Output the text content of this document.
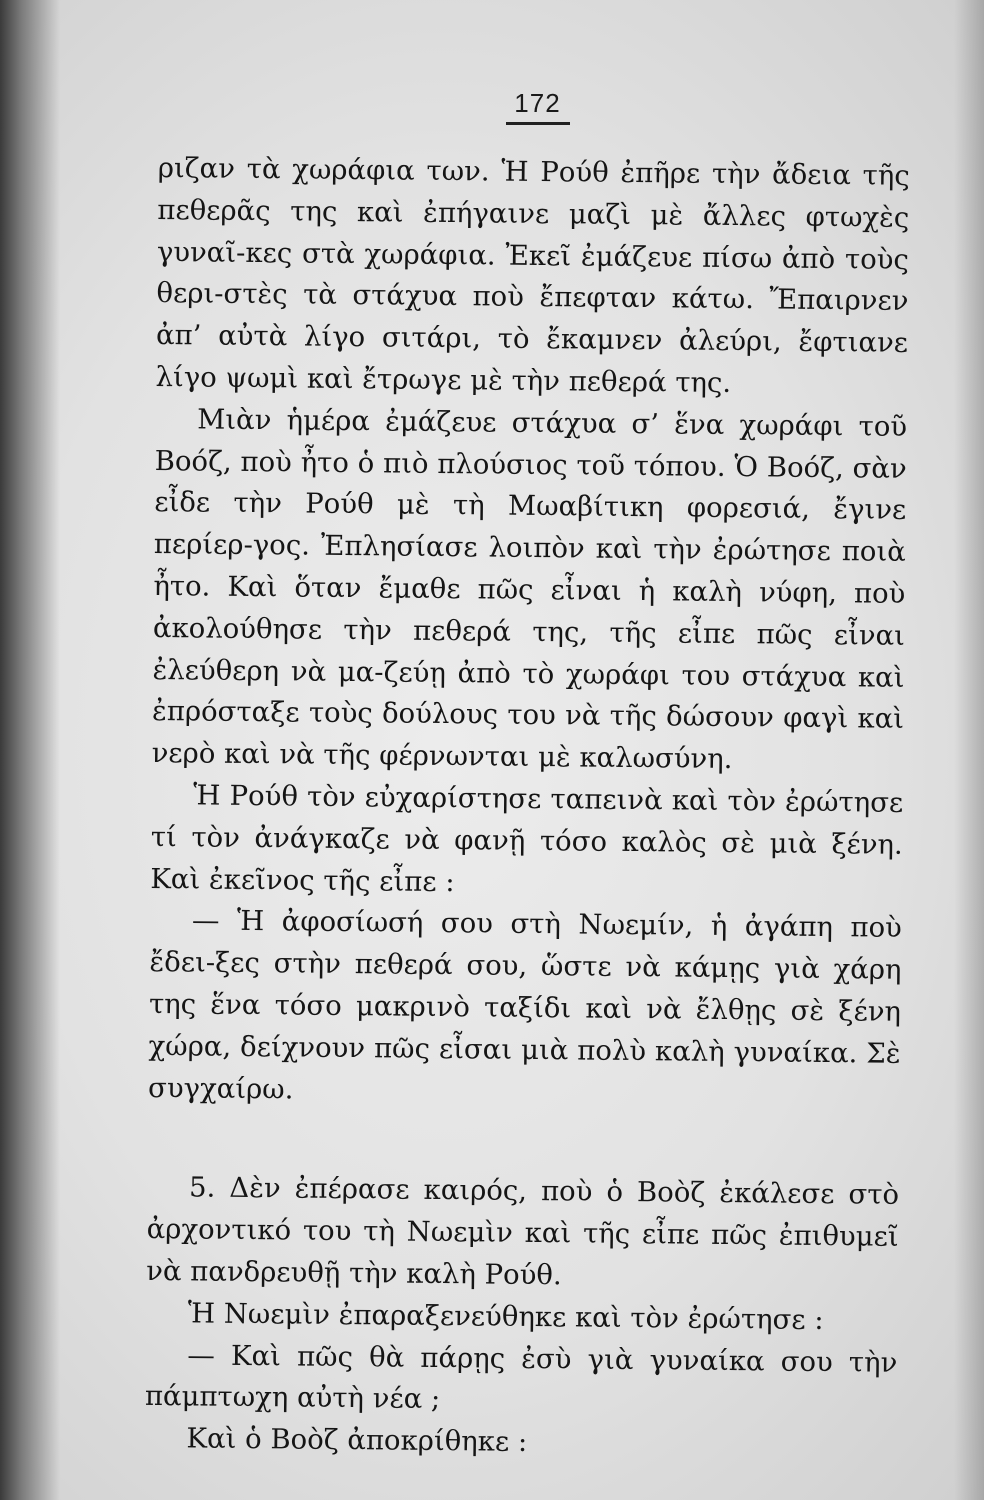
172

ριζαν τὰ χωράφια των. Ἡ Ρούθ ἐπῆρε τὴν ἄδεια τῆς πεθερᾶς της καὶ ἐπήγαινε μαζὶ μὲ ἄλλες φτωχὲς γυναῖ-κες στὰ χωράφια. Ἐκεῖ ἐμάζευε πίσω ἀπὸ τοὺς θερι-στὲς τὰ στάχυα ποὺ ἔπεφταν κάτω. Ἔπαιρνεν ἀπ’ αὐτὰ λίγο σιτάρι, τὸ ἔκαμνεν ἀλεύρι, ἔφτιανε λίγο ψωμὶ καὶ ἔτρωγε μὲ τὴν πεθερά της.

Μιὰν ἡμέρα ἐμάζευε στάχυα σ’ ἕνα χωράφι τοῦ Βοόζ, ποὺ ἦτο ὁ πιὸ πλούσιος τοῦ τόπου. Ὁ Βοόζ, σὰν εἶδε τὴν Ρούθ μὲ τὴ Μωαβίτικη φορεσιά, ἔγινε περίερ-γος. Ἐπλησίασε λοιπὸν καὶ τὴν ἐρώτησε ποιὰ ἦτο. Καὶ ὅταν ἔμαθε πῶς εἶναι ἡ καλὴ νύφη, ποὺ ἀκολούθησε τὴν πεθερά της, τῆς εἶπε πῶς εἶναι ἐλεύθερη νὰ μα-ζεύῃ ἀπὸ τὸ χωράφι του στάχυα καὶ ἐπρόσταξε τοὺς δούλους του νὰ τῆς δώσουν φαγὶ καὶ νερὸ καὶ νὰ τῆς φέρνωνται μὲ καλωσύνη.

Ἡ Ρούθ τὸν εὐχαρίστησε ταπεινὰ καὶ τὸν ἐρώτησε τί τὸν ἀνάγκαζε νὰ φανῇ τόσο καλὸς σὲ μιὰ ξένη. Καὶ ἐκεῖνος τῆς εἶπε :

— Ἡ ἀφοσίωσή σου στὴ Νωεμίν, ἡ ἀγάπη ποὺ ἔδει-ξες στὴν πεθερά σου, ὥστε νὰ κάμῃς γιὰ χάρη της ἕνα τόσο μακρινὸ ταξίδι καὶ νὰ ἔλθῃς σὲ ξένη χώρα, δείχνουν πῶς εἶσαι μιὰ πολὺ καλὴ γυναίκα. Σὲ συγχαίρω.

5. Δὲν ἐπέρασε καιρός, ποὺ ὁ Βοὸζ ἐκάλεσε στὸ ἀρχοντικό του τὴ Νωεμὶν καὶ τῆς εἶπε πῶς ἐπιθυμεῖ νὰ πανδρευθῇ τὴν καλὴ Ρούθ.

Ἡ Νωεμὶν ἐπαραξενεύθηκε καὶ τὸν ἐρώτησε :

— Καὶ πῶς θὰ πάρῃς ἐσὺ γιὰ γυναίκα σου τὴν πάμπτωχη αὐτὴ νέα ;

Καὶ ὁ Βοὸζ ἀποκρίθηκε :
